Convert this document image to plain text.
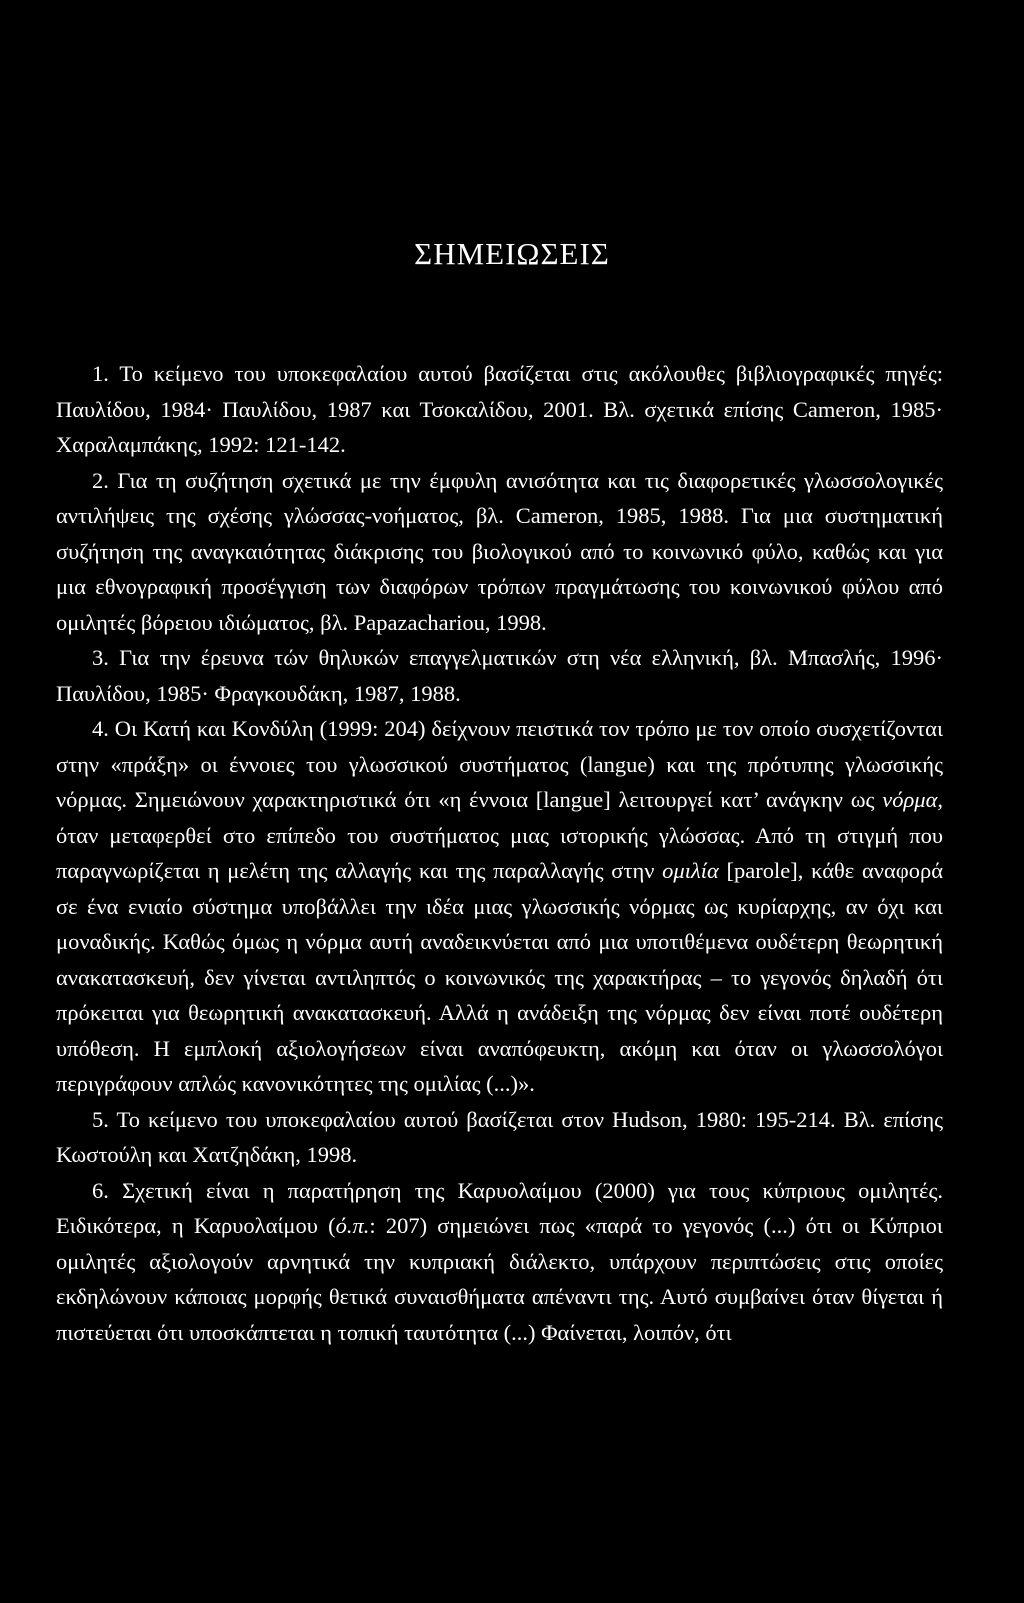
ΣΗΜΕΙΩΣΕΙΣ

1. Το κείμενο του υποκεφαλαίου αυτού βασίζεται στις ακόλουθες βιβλιογραφικές πηγές: Παυλίδου, 1984· Παυλίδου, 1987 και Τσοκαλίδου, 2001. Βλ. σχετικά επίσης Cameron, 1985· Χαραλαμπάκης, 1992: 121-142.

2. Για τη συζήτηση σχετικά με την έμφυλη ανισότητα και τις διαφορετικές γλωσσολογικές αντιλήψεις της σχέσης γλώσσας-νοήματος, βλ. Cameron, 1985, 1988. Για μια συστηματική συζήτηση της αναγκαιότητας διάκρισης του βιολογικού από το κοινωνικό φύλο, καθώς και για μια εθνογραφική προσέγγιση των διαφόρων τρόπων πραγμάτωσης του κοινωνικού φύλου από ομιλητές βόρειου ιδιώματος, βλ. Papazachariou, 1998.

3. Για την έρευνα τών θηλυκών επαγγελματικών στη νέα ελληνική, βλ. Μπασλής, 1996· Παυλίδου, 1985· Φραγκουδάκη, 1987, 1988.

4. Οι Κατή και Κονδύλη (1999: 204) δείχνουν πειστικά τον τρόπο με τον οποίο συσχετίζονται στην «πράξη» οι έννοιες του γλωσσικού συστήματος (langue) και της πρότυπης γλωσσικής νόρμας. Σημειώνουν χαρακτηριστικά ότι «η έννοια [langue] λειτουργεί κατ’ ανάγκην ως νόρμα, όταν μεταφερθεί στο επίπεδο του συστήματος μιας ιστορικής γλώσσας. Από τη στιγμή που παραγνωρίζεται η μελέτη της αλλαγής και της παραλλαγής στην ομιλία [parole], κάθε αναφορά σε ένα ενιαίο σύστημα υποβάλλει την ιδέα μιας γλωσσικής νόρμας ως κυρίαρχης, αν όχι και μοναδικής. Καθώς όμως η νόρμα αυτή αναδεικνύεται από μια υποτιθέμενα ουδέτερη θεωρητική ανακατασκευή, δεν γίνεται αντιληπτός ο κοινωνικός της χαρακτήρας – το γεγονός δηλαδή ότι πρόκειται για θεωρητική ανακατασκευή. Αλλά η ανάδειξη της νόρμας δεν είναι ποτέ ουδέτερη υπόθεση. Η εμπλοκή αξιολογήσεων είναι αναπόφευκτη, ακόμη και όταν οι γλωσσολόγοι περιγράφουν απλώς κανονικότητες της ομιλίας (...)».

5. Το κείμενο του υποκεφαλαίου αυτού βασίζεται στον Hudson, 1980: 195-214. Βλ. επίσης Κωστούλη και Χατζηδάκη, 1998.

6. Σχετική είναι η παρατήρηση της Καρυολαίμου (2000) για τους κύπριους ομιλητές. Ειδικότερα, η Καρυολαίμου (ό.π.: 207) σημειώνει πως «παρά το γεγονός (...) ότι οι Κύπριοι ομιλητές αξιολογούν αρνητικά την κυπριακή διάλεκτο, υπάρχουν περιπτώσεις στις οποίες εκδηλώνουν κάποιας μορφής θετικά συναισθήματα απέναντι της. Αυτό συμβαίνει όταν θίγεται ή πιστεύεται ότι υποσκάπτεται η τοπική ταυτότητα (...) Φαίνεται, λοιπόν, ότι
